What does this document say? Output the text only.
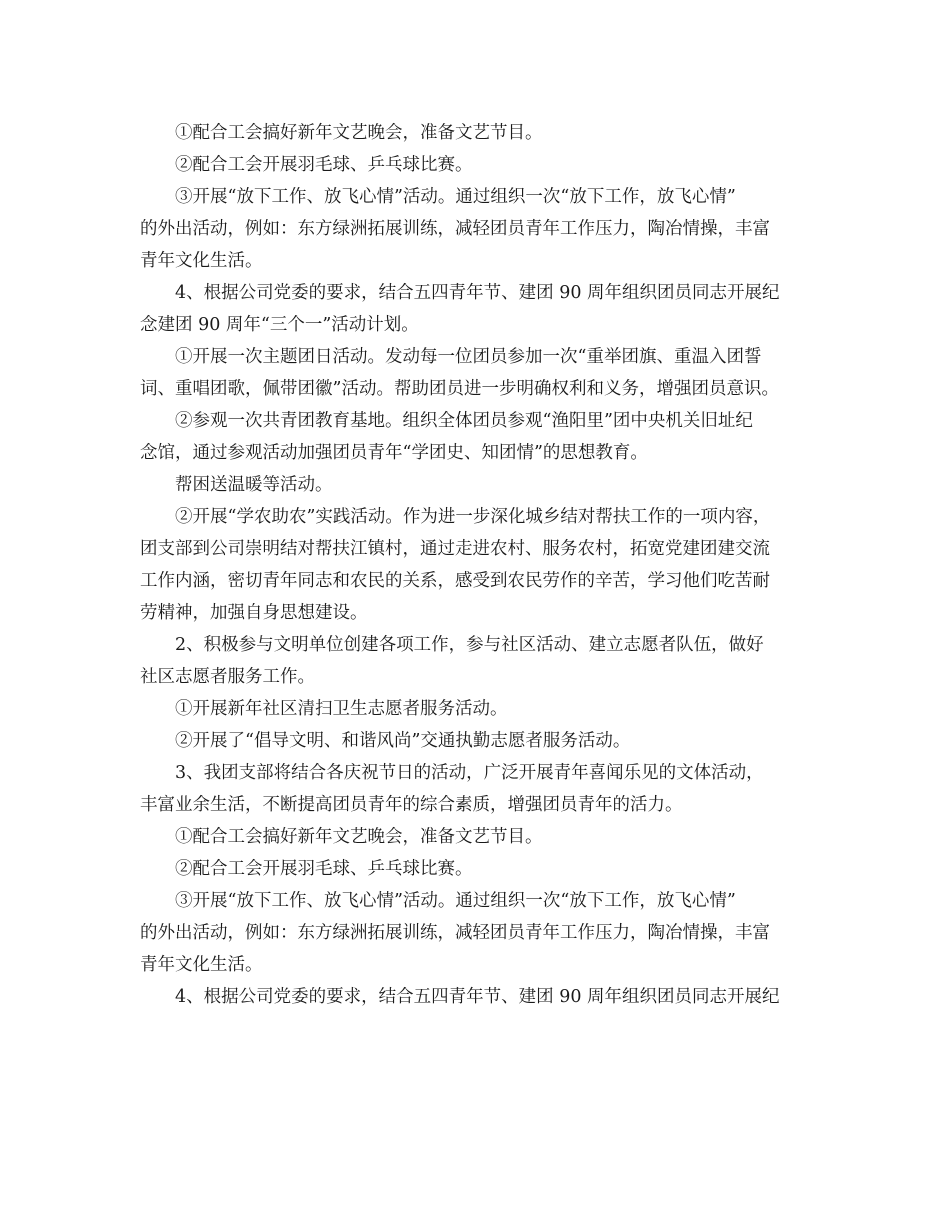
①配合工会搞好新年文艺晚会，准备文艺节目。
②配合工会开展羽毛球、乒乓球比赛。
③开展“放下工作、放飞心情”活动。通过组织一次“放下工作，放飞心情”
的外出活动，例如：东方绿洲拓展训练，减轻团员青年工作压力，陶冶情操，丰富
青年文化生活。
4、根据公司党委的要求，结合五四青年节、建团 90 周年组织团员同志开展纪
念建团 90 周年“三个一”活动计划。
①开展一次主题团日活动。发动每一位团员参加一次“重举团旗、重温入团誓
词、重唱团歌，佩带团徽”活动。帮助团员进一步明确权利和义务，增强团员意识。
②参观一次共青团教育基地。组织全体团员参观“渔阳里”团中央机关旧址纪
念馆，通过参观活动加强团员青年“学团史、知团情”的思想教育。
帮困送温暖等活动。
②开展“学农助农”实践活动。作为进一步深化城乡结对帮扶工作的一项内容，
团支部到公司崇明结对帮扶江镇村，通过走进农村、服务农村，拓宽党建团建交流
工作内涵，密切青年同志和农民的关系，感受到农民劳作的辛苦，学习他们吃苦耐
劳精神，加强自身思想建设。
2、积极参与文明单位创建各项工作，参与社区活动、建立志愿者队伍，做好
社区志愿者服务工作。
①开展新年社区清扫卫生志愿者服务活动。
②开展了“倡导文明、和谐风尚”交通执勤志愿者服务活动。
3、我团支部将结合各庆祝节日的活动，广泛开展青年喜闻乐见的文体活动，
丰富业余生活，不断提高团员青年的综合素质，增强团员青年的活力。
①配合工会搞好新年文艺晚会，准备文艺节目。
②配合工会开展羽毛球、乒乓球比赛。
③开展“放下工作、放飞心情”活动。通过组织一次“放下工作，放飞心情”
的外出活动，例如：东方绿洲拓展训练，减轻团员青年工作压力，陶冶情操，丰富
青年文化生活。
4、根据公司党委的要求，结合五四青年节、建团 90 周年组织团员同志开展纪
